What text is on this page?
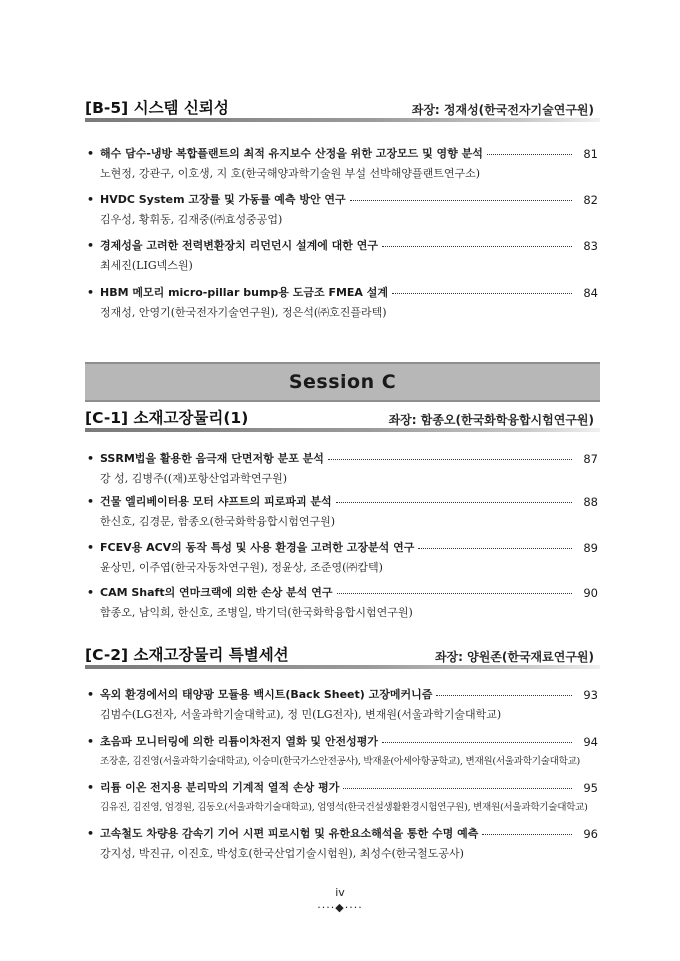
[B-5] 시스템 신뢰성	좌장: 정재성(한국전자기술연구원)
• 해수 담수-냉방 복합플랜트의 최적 유지보수 산정을 위한 고장모드 및 영향 분석	81
노현정, 강관구, 이호생, 지 호(한국해양과학기술원 부설 선박해양플랜트연구소)
• HVDC System 고장률 및 가동률 예측 방안 연구	82
김우성, 황휘동, 김재중(㈜효성중공업)
• 경제성을 고려한 전력변환장치 리던던시 설계에 대한 연구	83
최세진(LIG넥스원)
• HBM 메모리 micro-pillar bump용 도금조 FMEA 설계	84
정재성, 안영기(한국전자기술연구원), 정은석(㈜호진플라텍)
Session C
[C-1] 소재고장물리(1)	좌장: 함종오(한국화학융합시험연구원)
• SSRM법을 활용한 음극재 단면저항 분포 분석	87
강 성, 김병주((재)포항산업과학연구원)
• 건물 엘리베이터용 모터 샤프트의 피로파괴 분석	88
한신호, 김경문, 함종오(한국화학융합시험연구원)
• FCEV용 ACV의 동작 특성 및 사용 환경을 고려한 고장분석 연구	89
윤상민, 이주엽(한국자동차연구원), 정윤상, 조준영(㈜캄텍)
• CAM Shaft의 연마크랙에 의한 손상 분석 연구	90
함종오, 남익희, 한신호, 조병일, 박기덕(한국화학융합시험연구원)
[C-2] 소재고장물리 특별세션	좌장: 양원존(한국재료연구원)
• 옥외 환경에서의 태양광 모듈용 백시트(Back Sheet) 고장메커니즘	93
김범수(LG전자, 서울과학기술대학교), 정 민(LG전자), 변재원(서울과학기술대학교)
• 초음파 모니터링에 의한 리튬이차전지 열화 및 안전성평가	94
조장훈, 김진영(서울과학기술대학교), 이승미(한국가스안전공사), 박재윤(아세아항공학교), 변재원(서울과학기술대학교)
• 리튬 이온 전지용 분리막의 기계적 열적 손상 평가	95
김유진, 김진영, 엄경원, 김동오(서울과학기술대학교), 엄영석(한국건설생활환경시험연구원), 변재원(서울과학기술대학교)
• 고속철도 차량용 감속기 기어 시편 피로시험 및 유한요소해석을 통한 수명 예측	96
강지성, 박진규, 이진호, 박성호(한국산업기술시험원), 최성수(한국철도공사)
iv
····◆····
